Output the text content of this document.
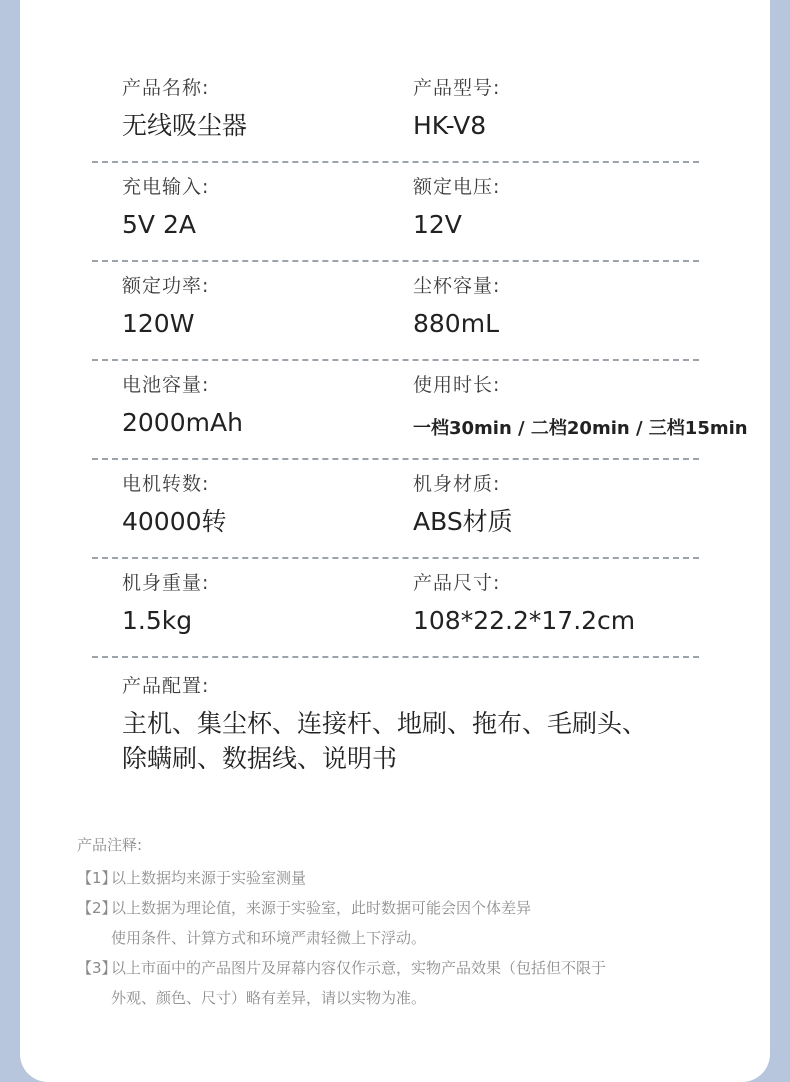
产品名称:
无线吸尘器
产品型号:
HK-V8
充电输入:
5V 2A
额定电压:
12V
额定功率:
120W
尘杯容量:
880mL
电池容量:
2000mAh
使用时长:
一档30min / 二档20min / 三档15min
电机转数:
40000转
机身材质:
ABS材质
机身重量:
1.5kg
产品尺寸:
108*22.2*17.2cm
产品配置:
主机、集尘杯、连接杆、地刷、拖布、毛刷头、
除螨刷、数据线、说明书
产品注释:
【1】
以上数据均来源于实验室测量
【2】
以上数据为理论值，来源于实验室，此时数据可能会因个体差异
使用条件、计算方式和环境严肃轻微上下浮动。
【3】
以上市面中的产品图片及屏幕内容仅作示意，实物产品效果（包括但不限于
外观、颜色、尺寸）略有差异，请以实物为准。
